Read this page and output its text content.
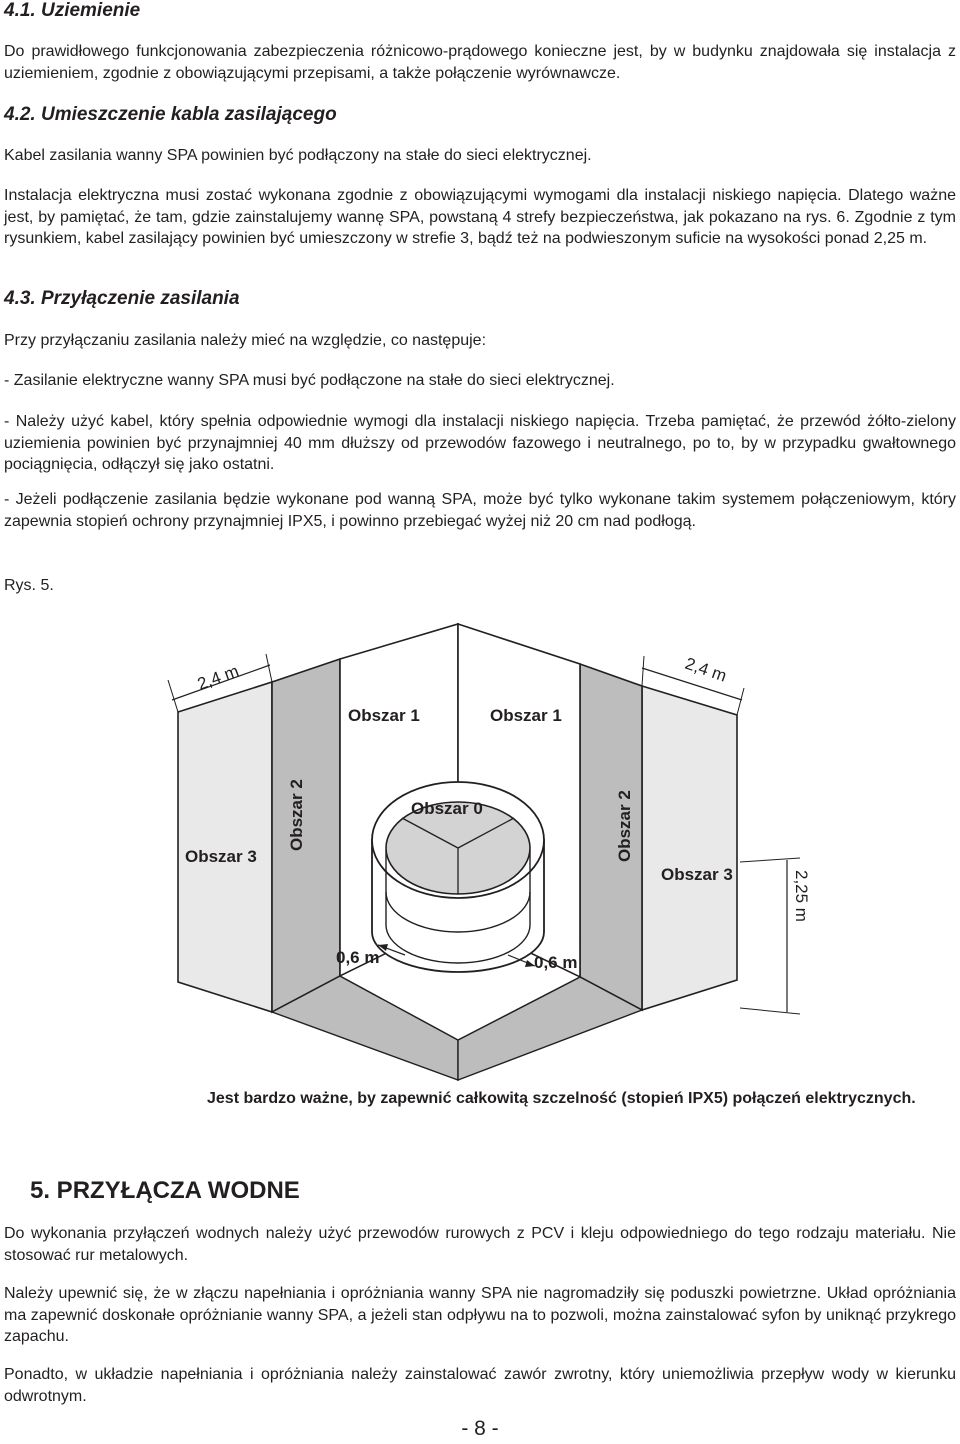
4.1. Uziemienie

Do prawidłowego funkcjonowania zabezpieczenia różnicowo-prądowego konieczne jest, by w budynku znajdowała się instalacja z uziemieniem, zgodnie z obowiązującymi przepisami, a także połączenie wyrównawcze.

4.2. Umieszczenie kabla zasilającego

Kabel zasilania wanny SPA powinien być podłączony na stałe do sieci elektrycznej.

Instalacja elektryczna musi zostać wykonana zgodnie z obowiązującymi wymogami dla instalacji niskiego napięcia. Dlatego ważne jest, by pamiętać, że tam, gdzie zainstalujemy wannę SPA, powstaną 4 strefy bezpieczeństwa, jak pokazano na rys. 6. Zgodnie z tym rysunkiem, kabel zasilający powinien być umieszczony w strefie 3, bądź też na podwieszonym suficie na wysokości ponad 2,25 m.

4.3. Przyłączenie zasilania

Przy przyłączaniu zasilania należy mieć na względzie, co następuje:

- Zasilanie elektryczne wanny SPA musi być podłączone na stałe do sieci elektrycznej.

- Należy użyć kabel, który spełnia odpowiednie wymogi dla instalacji niskiego napięcia. Trzeba pamiętać, że przewód żółto-zielony uziemienia powinien być przynajmniej 40 mm dłuższy od przewodów fazowego i neutralnego, po to, by w przypadku gwałtownego pociągnięcia, odłączył się jako ostatni.

- Jeżeli podłączenie zasilania będzie wykonane pod wanną SPA, może być tylko wykonane takim systemem połączeniowym, który zapewnia stopień ochrony przynajmniej IPX5, i powinno przebiegać wyżej niż 20 cm nad podłogą.

Rys. 5.

Obszar 1	Obszar 1
Obszar 3
Obszar 3
Obszar 2	Obszar 2
Obszar 0
2,4 m	2,4 m
2,25 m
0,6 m	0,6 m

Jest bardzo ważne, by zapewnić całkowitą szczelność (stopień IPX5) połączeń elektrycznych.

5. PRZYŁĄCZA WODNE

Do wykonania przyłączeń wodnych należy użyć przewodów rurowych z PCV i kleju odpowiedniego do tego rodzaju materiału. Nie stosować rur metalowych.

Należy upewnić się, że w złączu napełniania i opróżniania wanny SPA nie nagromadziły się poduszki powietrzne. Układ opróżniania ma zapewnić doskonałe opróżnianie wanny SPA, a jeżeli stan odpływu na to pozwoli, można zainstalować syfon by uniknąć przykrego zapachu.

Ponadto, w układzie napełniania i opróżniania należy zainstalować zawór zwrotny, który uniemożliwia przepływ wody w kierunku odwrotnym.

- 8 -
